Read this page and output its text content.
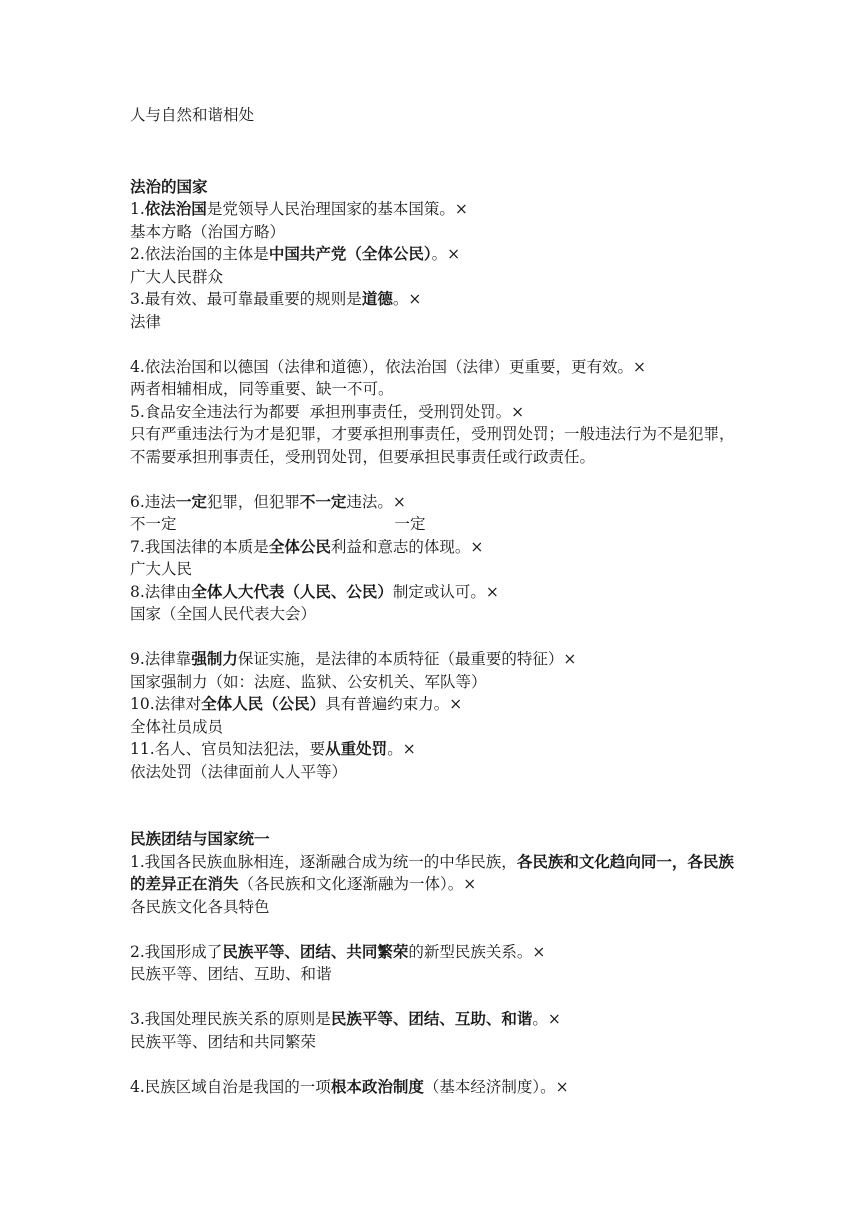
人与自然和谐相处
法治的国家
1.依法治国是党领导人民治理国家的基本国策。×
基本方略（治国方略）
2.依法治国的主体是中国共产党（全体公民）。×
广大人民群众
3.最有效、最可靠最重要的规则是道德。×
法律
4.依法治国和以德国（法律和道德），依法治国（法律）更重要，更有效。×
两者相辅相成，同等重要、缺一不可。
5.食品安全违法行为都要  承担刑事责任，受刑罚处罚。×
只有严重违法行为才是犯罪，才要承担刑事责任，受刑罚处罚；一般违法行为不是犯罪，不需要承担刑事责任，受刑罚处罚，但要承担民事责任或行政责任。
6.违法一定犯罪，但犯罪不一定违法。×
不一定	一定
7.我国法律的本质是全体公民利益和意志的体现。×
广大人民
8.法律由全体人大代表（人民、公民）制定或认可。×
国家（全国人民代表大会）
9.法律靠强制力保证实施，是法律的本质特征（最重要的特征）×
国家强制力（如：法庭、监狱、公安机关、军队等）
10.法律对全体人民（公民）具有普遍约束力。×
全体社员成员
11.名人、官员知法犯法，要从重处罚。×
依法处罚（法律面前人人平等）
民族团结与国家统一
1.我国各民族血脉相连，逐渐融合成为统一的中华民族，各民族和文化趋向同一，各民族的差异正在消失（各民族和文化逐渐融为一体）。×
各民族文化各具特色
2.我国形成了民族平等、团结、共同繁荣的新型民族关系。×
民族平等、团结、互助、和谐
3.我国处理民族关系的原则是民族平等、团结、互助、和谐。×
民族平等、团结和共同繁荣
4.民族区域自治是我国的一项根本政治制度（基本经济制度）。×
